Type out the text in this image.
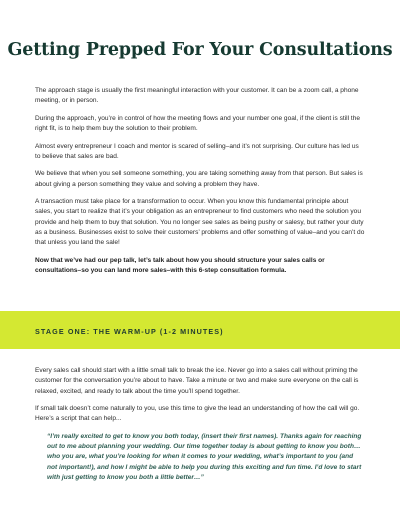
Getting Prepped For Your Consultations

The approach stage is usually the first meaningful interaction with your customer. It can be a zoom call, a phone meeting, or in person.

During the approach, you’re in control of how the meeting flows and your number one goal, if the client is still the right fit, is to help them buy the solution to their problem.

Almost every entrepreneur I coach and mentor is scared of selling–and it’s not surprising. Our culture has led us to believe that sales are bad.

We believe that when you sell someone something, you are taking something away from that person. But sales is about giving a person something they value and solving a problem they have.

A transaction must take place for a transformation to occur. When you know this fundamental principle about sales, you start to realize that it’s your obligation as an entrepreneur to find customers who need the solution you provide and help them to buy that solution. You no longer see sales as being pushy or salesy, but rather your duty as a business. Businesses exist to solve their customers’ problems and offer something of value–and you can’t do that unless you land the sale!

Now that we’ve had our pep talk, let’s talk about how you should structure your sales calls or consultations–so you can land more sales–with this 6-step consultation formula.

STAGE ONE: THE WARM-UP (1-2 MINUTES)

Every sales call should start with a little small talk to break the ice. Never go into a sales call without priming the customer for the conversation you’re about to have. Take a minute or two and make sure everyone on the call is relaxed, excited, and ready to talk about the time you’ll spend together.

If small talk doesn’t come naturally to you, use this time to give the lead an understanding of how the call will go. Here’s a script that can help...

“I’m really excited to get to know you both today, (insert their first names). Thanks again for reaching out to me about planning your wedding. Our time together today is about getting to know you both… who you are, what you’re looking for when it comes to your wedding, what’s important to you (and not important!), and how I might be able to help you during this exciting and fun time. I’d love to start with just getting to know you both a little better…”
